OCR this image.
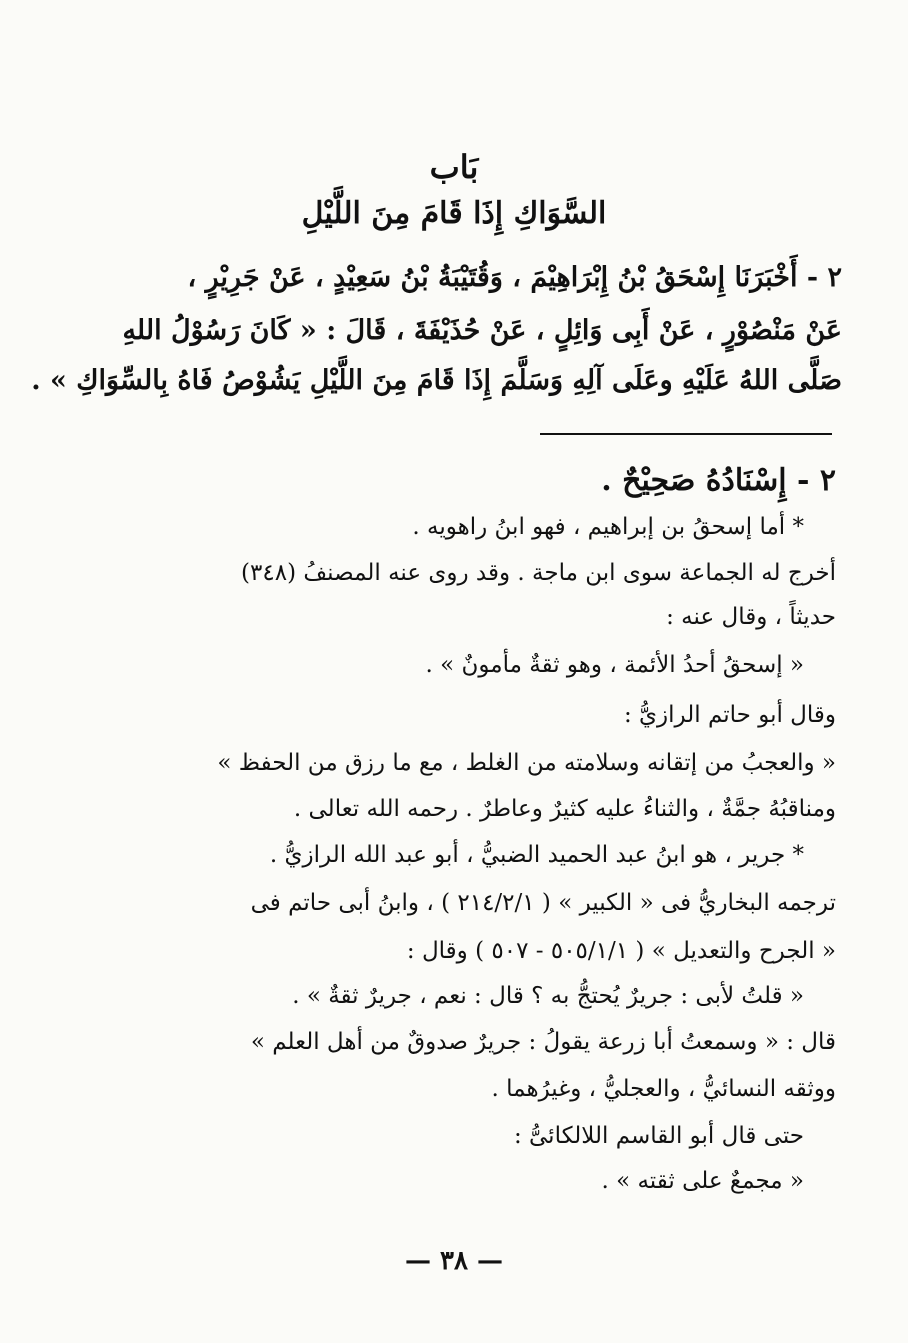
بَاب
السَّوَاكِ إِذَا قَامَ مِنَ اللَّيْلِ
٢ - أَخْبَرَنَا إِسْحَقُ بْنُ إِبْرَاهِيْمَ ، وَقُتَيْبَةُ بْنُ سَعِيْدٍ ، عَنْ جَرِيْرٍ ،
عَنْ مَنْصُوْرٍ ، عَنْ أَبِى وَائِلٍ ، عَنْ حُذَيْفَةَ ، قَالَ : « كَانَ رَسُوْلُ اللهِ
صَلَّى اللهُ عَلَيْهِ وعَلَى آلِهِ وَسَلَّمَ إِذَا قَامَ مِنَ اللَّيْلِ يَشُوْصُ فَاهُ بِالسِّوَاكِ » .
٢ - إِسْنَادُهُ صَحِيْحٌ .
* أما إسحقُ بن إبراهيم ، فهو ابنُ راهويه .
أخرج له الجماعة سوى ابن ماجة . وقد روى عنه المصنفُ (٣٤٨)
حديثاً ، وقال عنه :
« إسحقُ أحدُ الأئمة ، وهو ثقةٌ مأمونٌ » .
وقال أبو حاتم الرازيُّ :
« والعجبُ من إتقانه وسلامته من الغلط ، مع ما رزق من الحفظ »
ومناقبُهُ جمَّةٌ ، والثناءُ عليه كثيرٌ وعاطرٌ . رحمه الله تعالى .
* جرير ، هو ابنُ عبد الحميد الضبيُّ ، أبو عبد الله الرازيُّ .
ترجمه البخاريُّ فى « الكبير » ( ٢١٤/٢/١ ) ، وابنُ أبى حاتم فى
« الجرح والتعديل » ( ٥٠٥/١/١ - ٥٠٧ ) وقال :
« قلتُ لأبى : جريرٌ يُحتجُّ به ؟ قال : نعم ، جريرٌ ثقةٌ » .
قال : « وسمعتُ أبا زرعة يقولُ : جريرٌ صدوقٌ من أهل العلم »
ووثقه النسائيُّ ، والعجليُّ ، وغيرُهما .
حتى قال أبو القاسم اللالكائىُّ :
« مجمعٌ على ثقته » .
— ٣٨ —
